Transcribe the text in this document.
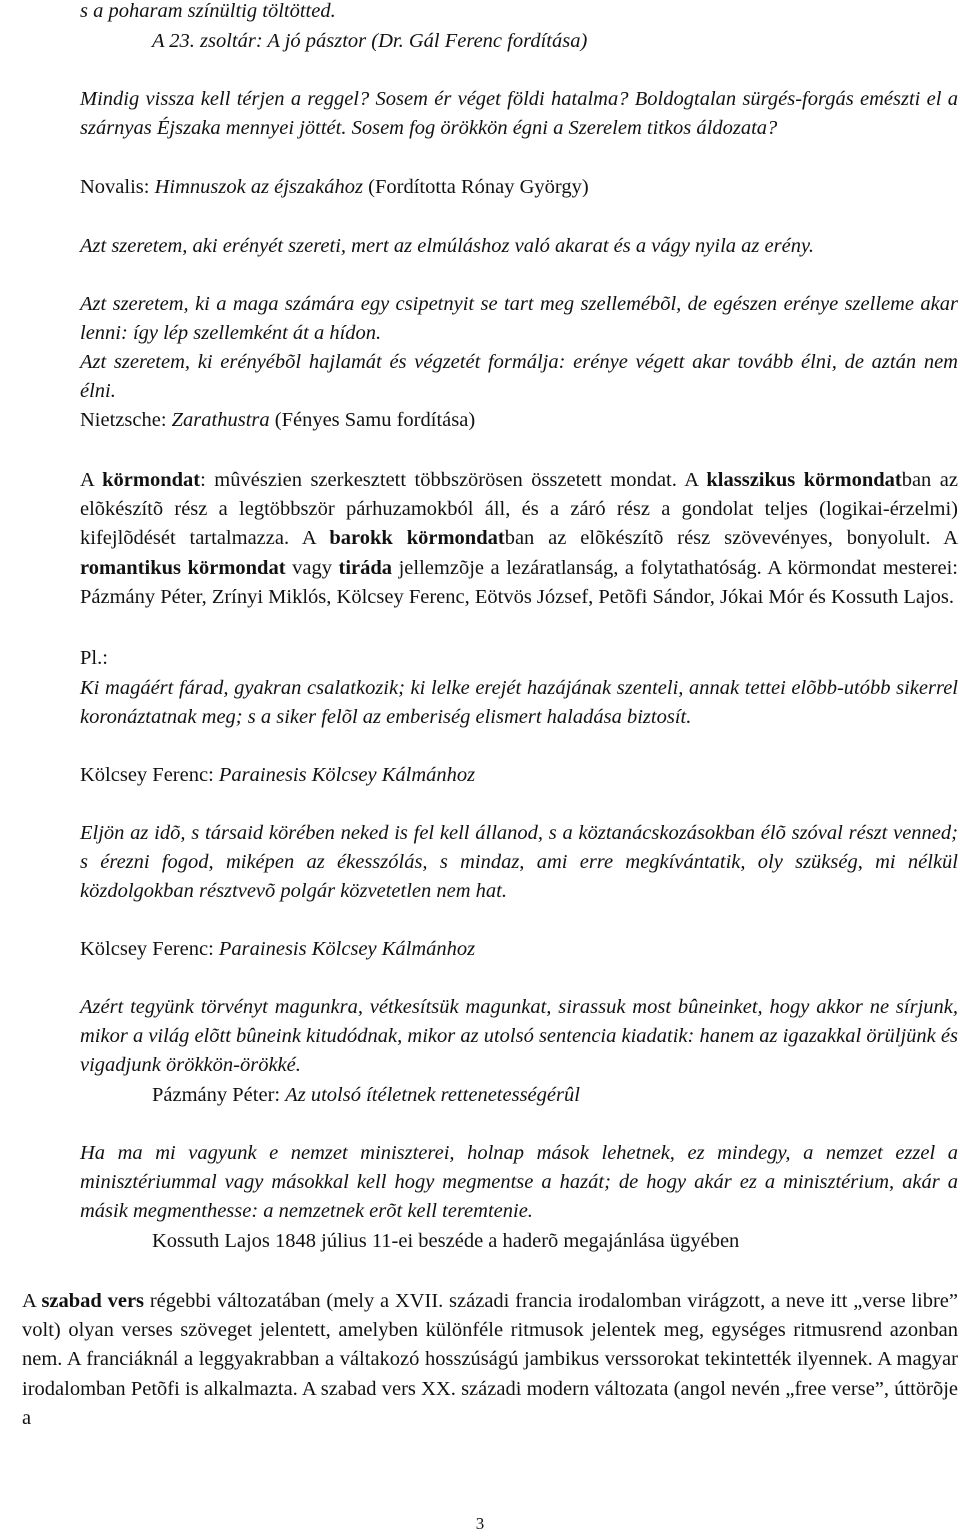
s a poharam színültig töltötted.
A 23. zsoltár: A jó pásztor (Dr. Gál Ferenc fordítása)
Mindig vissza kell térjen a reggel? Sosem ér véget földi hatalma? Boldogtalan sürgés-forgás emészti el a szárnyas Éjszaka mennyei jöttét. Sosem fog örökkön égni a Szerelem titkos áldozata?
Novalis: Himnuszok az éjszakához (Fordította Rónay György)
Azt szeretem, aki erényét szereti, mert az elmúláshoz való akarat és a vágy nyila az erény.
Azt szeretem, ki a maga számára egy csipetnyit se tart meg szellemébõl, de egészen erénye szelleme akar lenni: így lép szellemként át a hídon.
Azt szeretem, ki erényébõl hajlamát és végzetét formálja: erénye végett akar tovább élni, de aztán nem élni.
Nietzsche: Zarathustra (Fényes Samu fordítása)
A körmondat: mûvészien szerkesztett többszörösen összetett mondat. A klasszikus körmondatban az elõkészítõ rész a legtöbbször párhuzamokból áll, és a záró rész a gondolat teljes (logikai-érzelmi) kifejlõdését tartalmazza. A barokk körmondatban az elõkészítõ rész szövevényes, bonyolult. A romantikus körmondat vagy tiráda jellemzõje a lezáratlanság, a folytathatóság. A körmondat mesterei: Pázmány Péter, Zrínyi Miklós, Kölcsey Ferenc, Eötvös József, Petõfi Sándor, Jókai Mór és Kossuth Lajos.
Pl.:
Ki magáért fárad, gyakran csalatkozik; ki lelke erejét hazájának szenteli, annak tettei elõbb-utóbb sikerrel koronáztatnak meg; s a siker felõl az emberiség elismert haladása biztosít.
Kölcsey Ferenc: Parainesis Kölcsey Kálmánhoz
Eljön az idõ, s társaid körében neked is fel kell állanod, s a köztanácskozásokban élõ szóval részt venned; s érezni fogod, miképen az ékesszólás, s mindaz, ami erre megkívántatik, oly szükség, mi nélkül közdolgokban résztvevõ polgár közvetetlen nem hat.
Kölcsey Ferenc: Parainesis Kölcsey Kálmánhoz
Azért tegyünk törvényt magunkra, vétkesítsük magunkat, sirassuk most bûneinket, hogy akkor ne sírjunk, mikor a világ elõtt bûneink kitudódnak, mikor az utolsó sentencia kiadatik: hanem az igazakkal örüljünk és vigadjunk örökkön-örökké.
Pázmány Péter: Az utolsó ítéletnek rettenetességérûl
Ha ma mi vagyunk e nemzet miniszterei, holnap mások lehetnek, ez mindegy, a nemzet ezzel a minisztériummal vagy másokkal kell hogy megmentse a hazát; de hogy akár ez a minisztérium, akár a másik megmenthesse: a nemzetnek erõt kell teremtenie.
Kossuth Lajos 1848 július 11-ei beszéde a haderõ megajánlása ügyében
A szabad vers régebbi változatában (mely a XVII. századi francia irodalomban virágzott, a neve itt „verse libre” volt) olyan verses szöveget jelentett, amelyben különféle ritmusok jelentek meg, egységes ritmusrend azonban nem. A franciáknál a leggyakrabban a váltakozó hosszúságú jambikus verssorokat tekintették ilyennek. A magyar irodalomban Petõfi is alkalmazta. A szabad vers XX. századi modern változata (angol nevén „free verse”, úttörõje a
3
